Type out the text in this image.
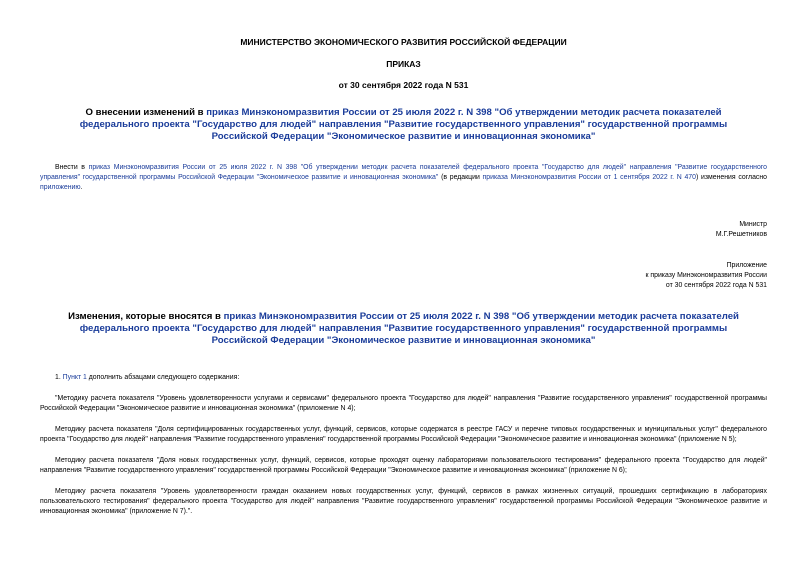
МИНИСТЕРСТВО ЭКОНОМИЧЕСКОГО РАЗВИТИЯ РОССИЙСКОЙ ФЕДЕРАЦИИ
ПРИКАЗ
от 30 сентября 2022 года N 531
О внесении изменений в приказ Минэкономразвития России от 25 июля 2022 г. N 398 "Об утверждении методик расчета показателей федерального проекта "Государство для людей" направления "Развитие государственного управления" государственной программы Российской Федерации "Экономическое развитие и инновационная экономика"

Внести в приказ Минэкономразвития России от 25 июля 2022 г. N 398 "Об утверждении методик расчета показателей федерального проекта "Государство для людей" направления "Развитие государственного управления" государственной программы Российской Федерации "Экономическое развитие и инновационная экономика" (в редакции приказа Минэкономразвития России от 1 сентября 2022 г. N 470) изменения согласно приложению.

Министр
М.Г.Решетников
Приложение
к приказу Минэкономразвития России
от 30 сентября 2022 года N 531
Изменения, которые вносятся в приказ Минэкономразвития России от 25 июля 2022 г. N 398 "Об утверждении методик расчета показателей федерального проекта "Государство для людей" направления "Развитие государственного управления" государственной программы Российской Федерации "Экономическое развитие и инновационная экономика"

1. Пункт 1 дополнить абзацами следующего содержания:

"Методику расчета показателя "Уровень удовлетворенности услугами и сервисами" федерального проекта "Государство для людей" направления "Развитие государственного управления" государственной программы Российской Федерации "Экономическое развитие и инновационная экономика" (приложение N 4);

Методику расчета показателя "Доля сертифицированных государственных услуг, функций, сервисов, которые содержатся в реестре ГАСУ и перечне типовых государственных и муниципальных услуг" федерального проекта "Государство для людей" направления "Развитие государственного управления" государственной программы Российской Федерации "Экономическое развитие и инновационная экономика" (приложение N 5);

Методику расчета показателя "Доля новых государственных услуг, функций, сервисов, которые проходят оценку лабораториями пользовательского тестирования" федерального проекта "Государство для людей" направления "Развитие государственного управления" государственной программы Российской Федерации "Экономическое развитие и инновационная экономика" (приложение N 6);

Методику расчета показателя "Уровень удовлетворенности граждан оказанием новых государственных услуг, функций, сервисов в рамках жизненных ситуаций, прошедших сертификацию в лабораториях пользовательского тестирования" федерального проекта "Государство для людей" направления "Развитие государственного управления" государственной программы Российской Федерации "Экономическое развитие и инновационная экономика" (приложение N 7).".
